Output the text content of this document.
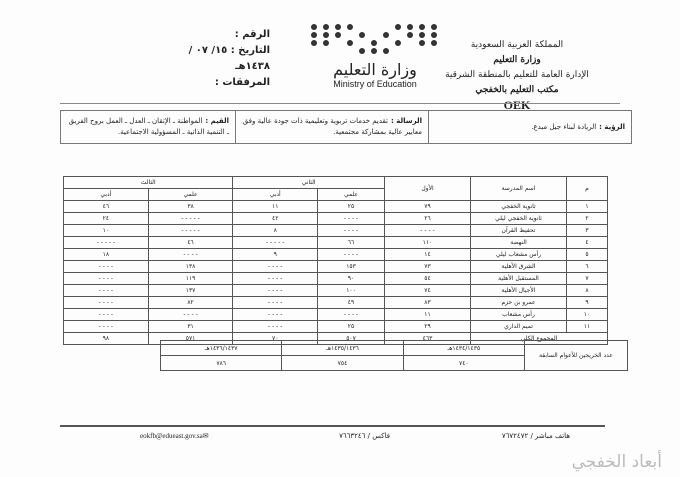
المملكة العربية السعودية
وزارة التعليم
الإدارة العامة للتعليم بالمنطقة الشرقية
مكتب التعليم بالخفجي
OEK
وزارة التعليم
Ministry of Education
الرقم :
التاريخ : ١٥/ ٠٧ / ١٤٣٨هـ
المرفقات :
الرؤية :
الريادة لبناء جيل مبدع.
الرسالة :تقديم خدمات تربوية وتعليمية ذات جودة عالية وفق معايير عالية بمشاركة مجتمعية.
القيم :المواطنة ـ الإتقان ـ العدل ـ العمل بروح الفريق ـ التنمية الذاتية ـ المسؤولية الاجتماعية.
م	اسم المدرسة	الأول	الثاني		الثالث	
			علمي	أدبي	علمي	أدبي
١	ثانوية الخفجي	٧٩	٢٥	١١	٣٨	٤٦
٢	ثانوية الخفجي ليلي	٢٦	- - - -	٤٢	- - - - -	٢٤
٣	تحفيظ القرآن	- - - -	- - - -	٨	- - - - -	١٠
٤	النهضة	١١٠	٦٦	- - - - -	٤٦	- - - - -
٥	رأس مشعاب ليلي	١٤	- - - -	٩	- - - -	١٨
٦	الشرق الأهلية	٧٣	١٥٣	- - - -	١٣٨	- - - -
٧	المستقبل الأهلية	٥٤	٩٠	- - - -	١١٩	- - - -
٨	الأجيال الأهلية	٧٤	١٠٠	- - - -	١٣٧	- - - -
٩	عمرو بن حزم	٨٣	٤٩	- - - -	٨٢	- - - -
١٠	رأس مشعاب	١١	- - - -	- - - -	- - - -	- - - -
١١	تميم الداري	٢٩	٢٥	- - - -	٣١	- - - -
المجموع الكلي		٤٦٣	٥٠٧	٧٠	٥٧١	٩٨
عدد الخريجين للأعوام السابقة	١٤٣٤/١٤٣٥هـ	١٤٣٥/١٤٣٦هـ	١٤٣٦/١٤٣٧هـ
	٧٤٠	٧٥٤	٧٨٦
هاتف مباشر / ٧٦٧٢٤٧٢
فاكس / ٧٦٦٣٢٤٦
eokfb@edueast.gov.sa✉
أبعاد الخفجي
